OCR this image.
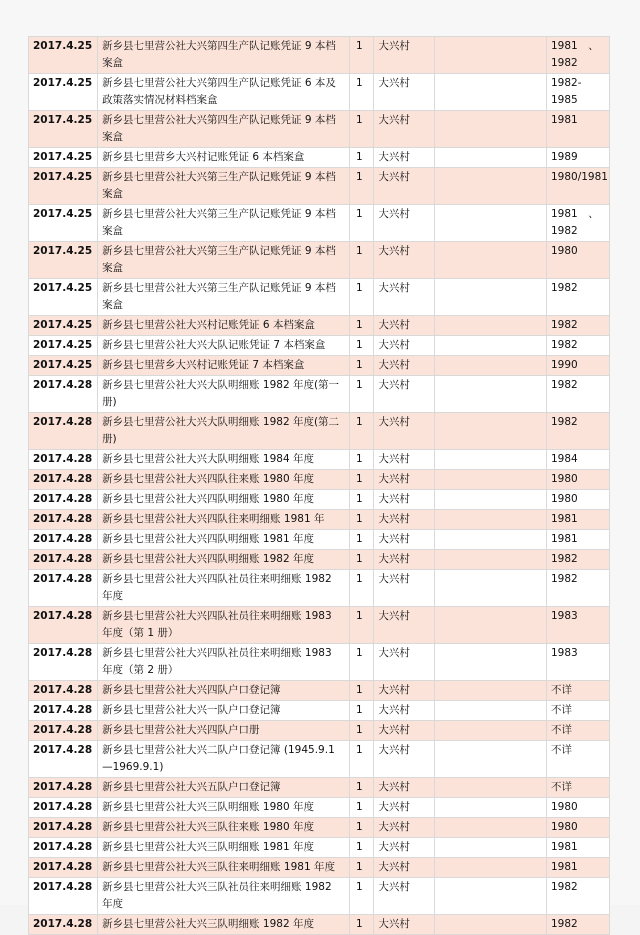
2017.4.25	新乡县七里营公社大兴第四生产队记账凭证 9 本档案盒	1	大兴村		1981　、1982
2017.4.25	新乡县七里营公社大兴第四生产队记账凭证 6 本及政策落实情况材料档案盒	1	大兴村		1982-1985
2017.4.25	新乡县七里营公社大兴第四生产队记账凭证 9 本档案盒	1	大兴村		1981
2017.4.25	新乡县七里营乡大兴村记账凭证 6 本档案盒	1	大兴村		1989
2017.4.25	新乡县七里营公社大兴第三生产队记账凭证 9 本档案盒	1	大兴村		1980/1981
2017.4.25	新乡县七里营公社大兴第三生产队记账凭证 9 本档案盒	1	大兴村		1981　、1982
2017.4.25	新乡县七里营公社大兴第三生产队记账凭证 9 本档案盒	1	大兴村		1980
2017.4.25	新乡县七里营公社大兴第三生产队记账凭证 9 本档案盒	1	大兴村		1982
2017.4.25	新乡县七里营公社大兴村记账凭证 6 本档案盒	1	大兴村		1982
2017.4.25	新乡县七里营公社大兴大队记账凭证 7 本档案盒	1	大兴村		1982
2017.4.25	新乡县七里营乡大兴村记账凭证 7 本档案盒	1	大兴村		1990
2017.4.28	新乡县七里营公社大兴大队明细账 1982 年度(第一册)	1	大兴村		1982
2017.4.28	新乡县七里营公社大兴大队明细账 1982 年度(第二册)	1	大兴村		1982
2017.4.28	新乡县七里营公社大兴大队明细账 1984 年度	1	大兴村		1984
2017.4.28	新乡县七里营公社大兴四队往来账 1980 年度	1	大兴村		1980
2017.4.28	新乡县七里营公社大兴四队明细账 1980 年度	1	大兴村		1980
2017.4.28	新乡县七里营公社大兴四队往来明细账 1981 年	1	大兴村		1981
2017.4.28	新乡县七里营公社大兴四队明细账 1981 年度	1	大兴村		1981
2017.4.28	新乡县七里营公社大兴四队明细账 1982 年度	1	大兴村		1982
2017.4.28	新乡县七里营公社大兴四队社员往来明细账 1982 年度	1	大兴村		1982
2017.4.28	新乡县七里营公社大兴四队社员往来明细账 1983 年度（第 1 册）	1	大兴村		1983
2017.4.28	新乡县七里营公社大兴四队社员往来明细账 1983 年度（第 2 册）	1	大兴村		1983
2017.4.28	新乡县七里营公社大兴四队户口登记簿	1	大兴村		不详
2017.4.28	新乡县七里营公社大兴一队户口登记簿	1	大兴村		不详
2017.4.28	新乡县七里营公社大兴四队户口册	1	大兴村		不详
2017.4.28	新乡县七里营公社大兴二队户口登记簿 (1945.9.1—1969.9.1)	1	大兴村		不详
2017.4.28	新乡县七里营公社大兴五队户口登记簿	1	大兴村		不详
2017.4.28	新乡县七里营公社大兴三队明细账 1980 年度	1	大兴村		1980
2017.4.28	新乡县七里营公社大兴三队往来账 1980 年度	1	大兴村		1980
2017.4.28	新乡县七里营公社大兴三队明细账 1981 年度	1	大兴村		1981
2017.4.28	新乡县七里营公社大兴三队往来明细账 1981 年度	1	大兴村		1981
2017.4.28	新乡县七里营公社大兴三队社员往来明细账 1982 年度	1	大兴村		1982
2017.4.28	新乡县七里营公社大兴三队明细账 1982 年度	1	大兴村		1982
